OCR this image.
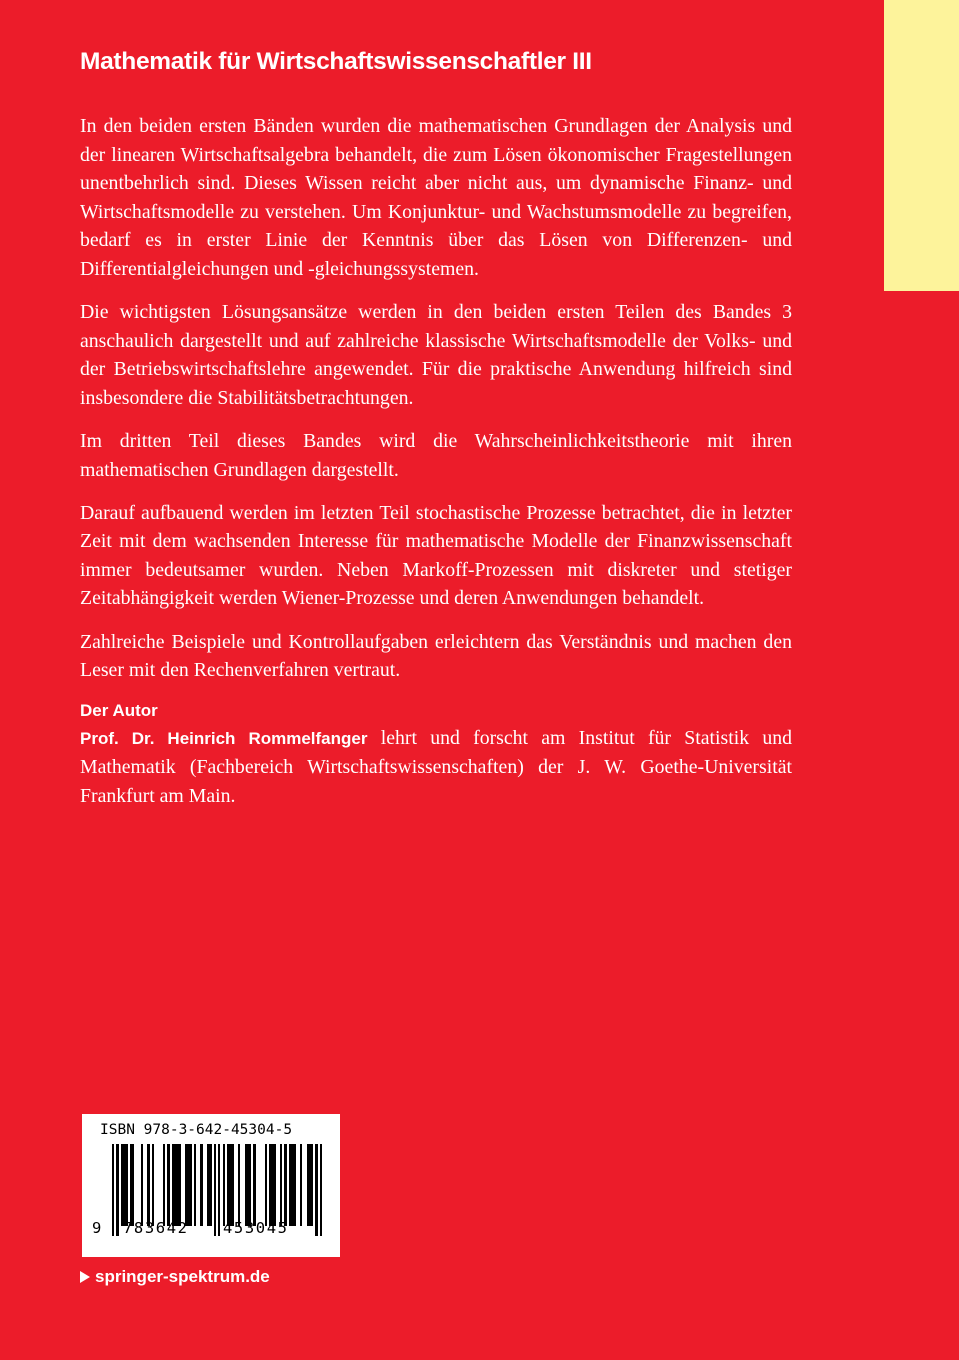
Mathematik für Wirtschaftswissenschaftler III

In den beiden ersten Bänden wurden die mathematischen Grundlagen der Analysis und der linearen Wirtschaftsalgebra behandelt, die zum Lösen ökonomischer Fragestellungen unentbehrlich sind. Dieses Wissen reicht aber nicht aus, um dynamische Finanz- und Wirtschaftsmodelle zu verstehen. Um Konjunktur- und Wachstumsmodelle zu begreifen, bedarf es in erster Linie der Kenntnis über das Lösen von Differenzen- und Differentialgleichungen und -gleichungssystemen.

Die wichtigsten Lösungsansätze werden in den beiden ersten Teilen des Bandes 3 anschaulich dargestellt und auf zahlreiche klassische Wirtschaftsmodelle der Volks- und der Betriebswirtschaftslehre angewendet. Für die praktische Anwendung hilfreich sind insbesondere die Stabilitätsbetrachtungen.

Im dritten Teil dieses Bandes wird die Wahrscheinlichkeitstheorie mit ihren mathematischen Grundlagen dargestellt.

Darauf aufbauend werden im letzten Teil stochastische Prozesse betrachtet, die in letzter Zeit mit dem wachsenden Interesse für mathematische Modelle der Finanzwissenschaft immer bedeutsamer wurden. Neben Markoff-Prozessen mit diskreter und stetiger Zeitabhängigkeit werden Wiener-Prozesse und deren Anwendungen behandelt.

Zahlreiche Beispiele und Kontrollaufgaben erleichtern das Verständnis und machen den Leser mit den Rechenverfahren vertraut.

Der Autor

Prof. Dr. Heinrich Rommelfanger lehrt und forscht am Institut für Statistik und Mathematik (Fachbereich Wirtschaftswissenschaften) der J. W. Goethe-Universität Frankfurt am Main.

ISBN 978-3-642-45304-5
9 783642 453045
springer-spektrum.de
